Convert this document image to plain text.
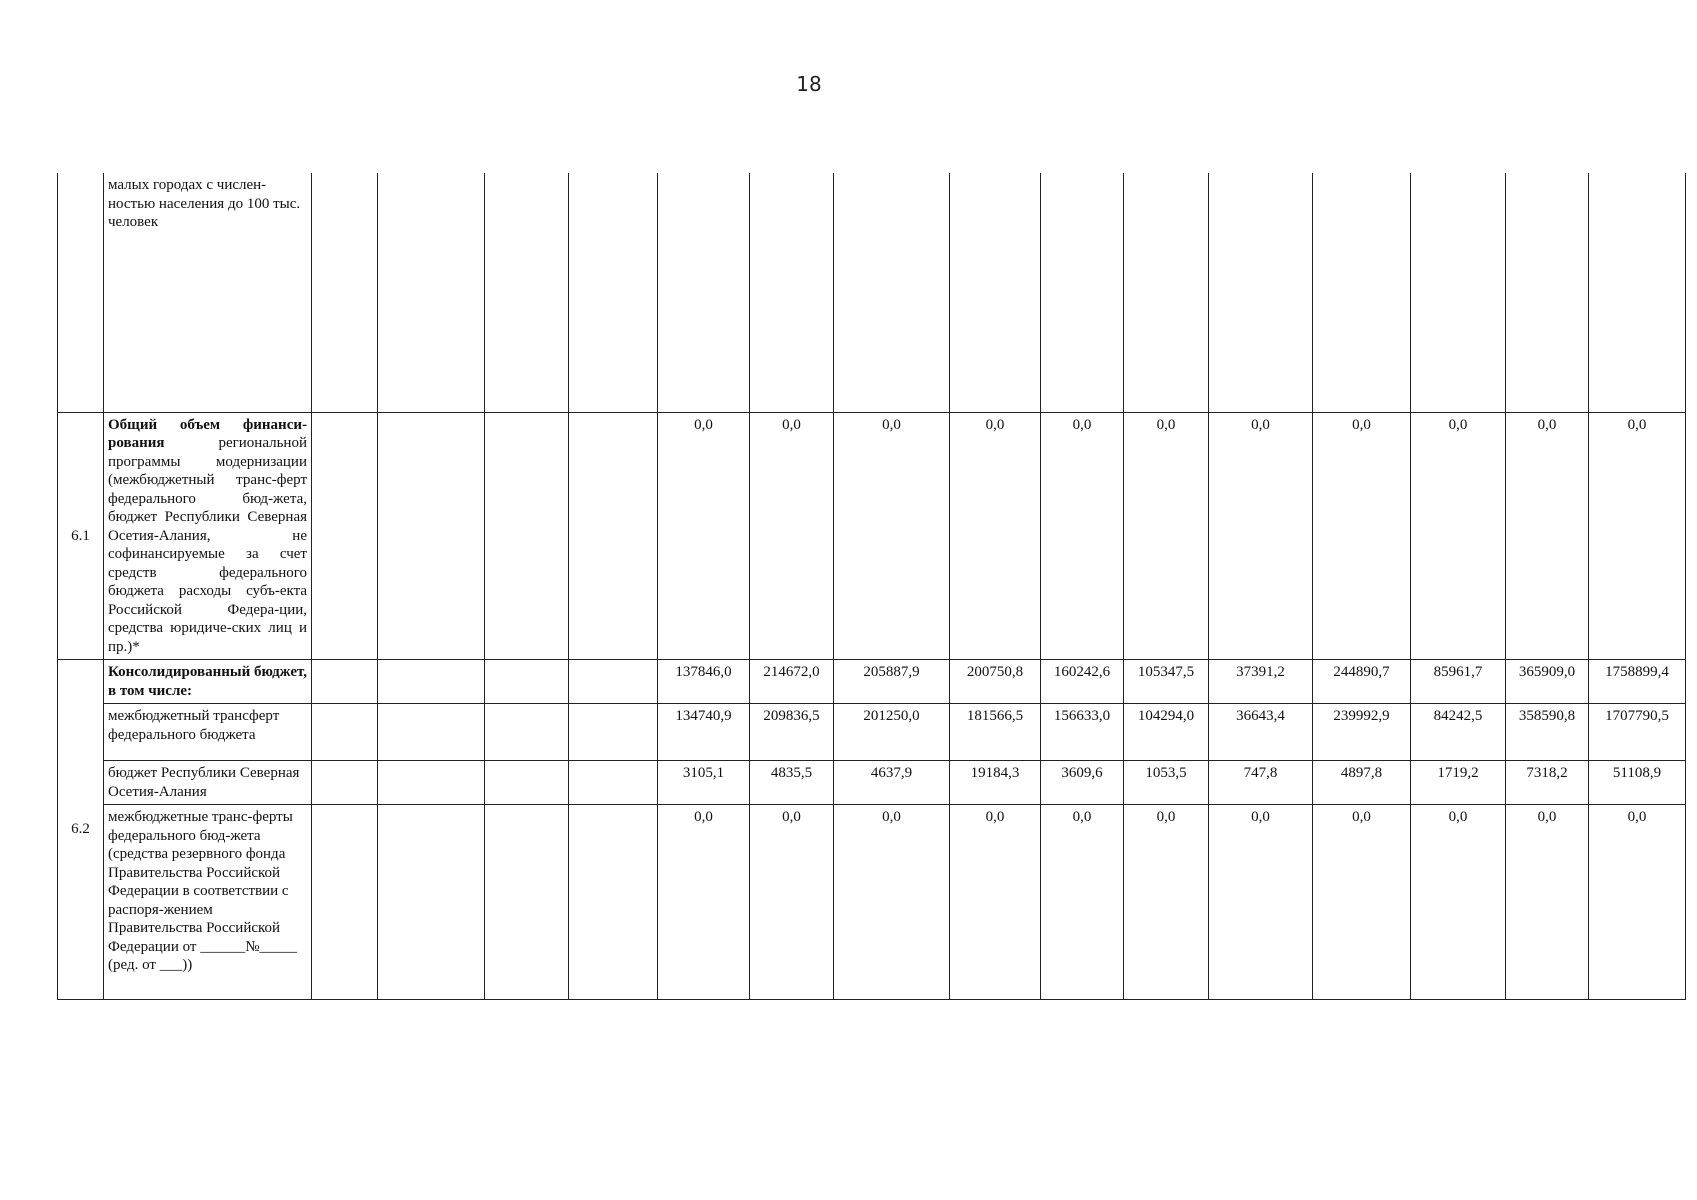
18
	малых городах с числен-ностью населения до 100 тыс. человек															
6.1	Общий объем финанси-рования региональной программы модернизации (межбюджетный транс-ферт федерального бюд-жета, бюджет Республики Северная Осетия-Алания, не софинансируемые за счет средств федерального бюджета расходы субъ-екта Российской Федера-ции, средства юридиче-ских лиц и пр.)*					0,0	0,0	0,0	0,0	0,0	0,0	0,0	0,0	0,0	0,0	0,0
6.2	Консолидированный бюджет, в том числе:					137846,0	214672,0	205887,9	200750,8	160242,6	105347,5	37391,2	244890,7	85961,7	365909,0	1758899,4
	межбюджетный трансферт федерального бюджета					134740,9	209836,5	201250,0	181566,5	156633,0	104294,0	36643,4	239992,9	84242,5	358590,8	1707790,5
	бюджет Республики Северная Осетия-Алания					3105,1	4835,5	4637,9	19184,3	3609,6	1053,5	747,8	4897,8	1719,2	7318,2	51108,9
	межбюджетные транс-ферты федерального бюд-жета (средства резервного фонда Правительства Российской Федерации в соответствии с распоря-жением Правительства Российской Федерации от ______№_____ (ред. от ___))					0,0	0,0	0,0	0,0	0,0	0,0	0,0	0,0	0,0	0,0	0,0
